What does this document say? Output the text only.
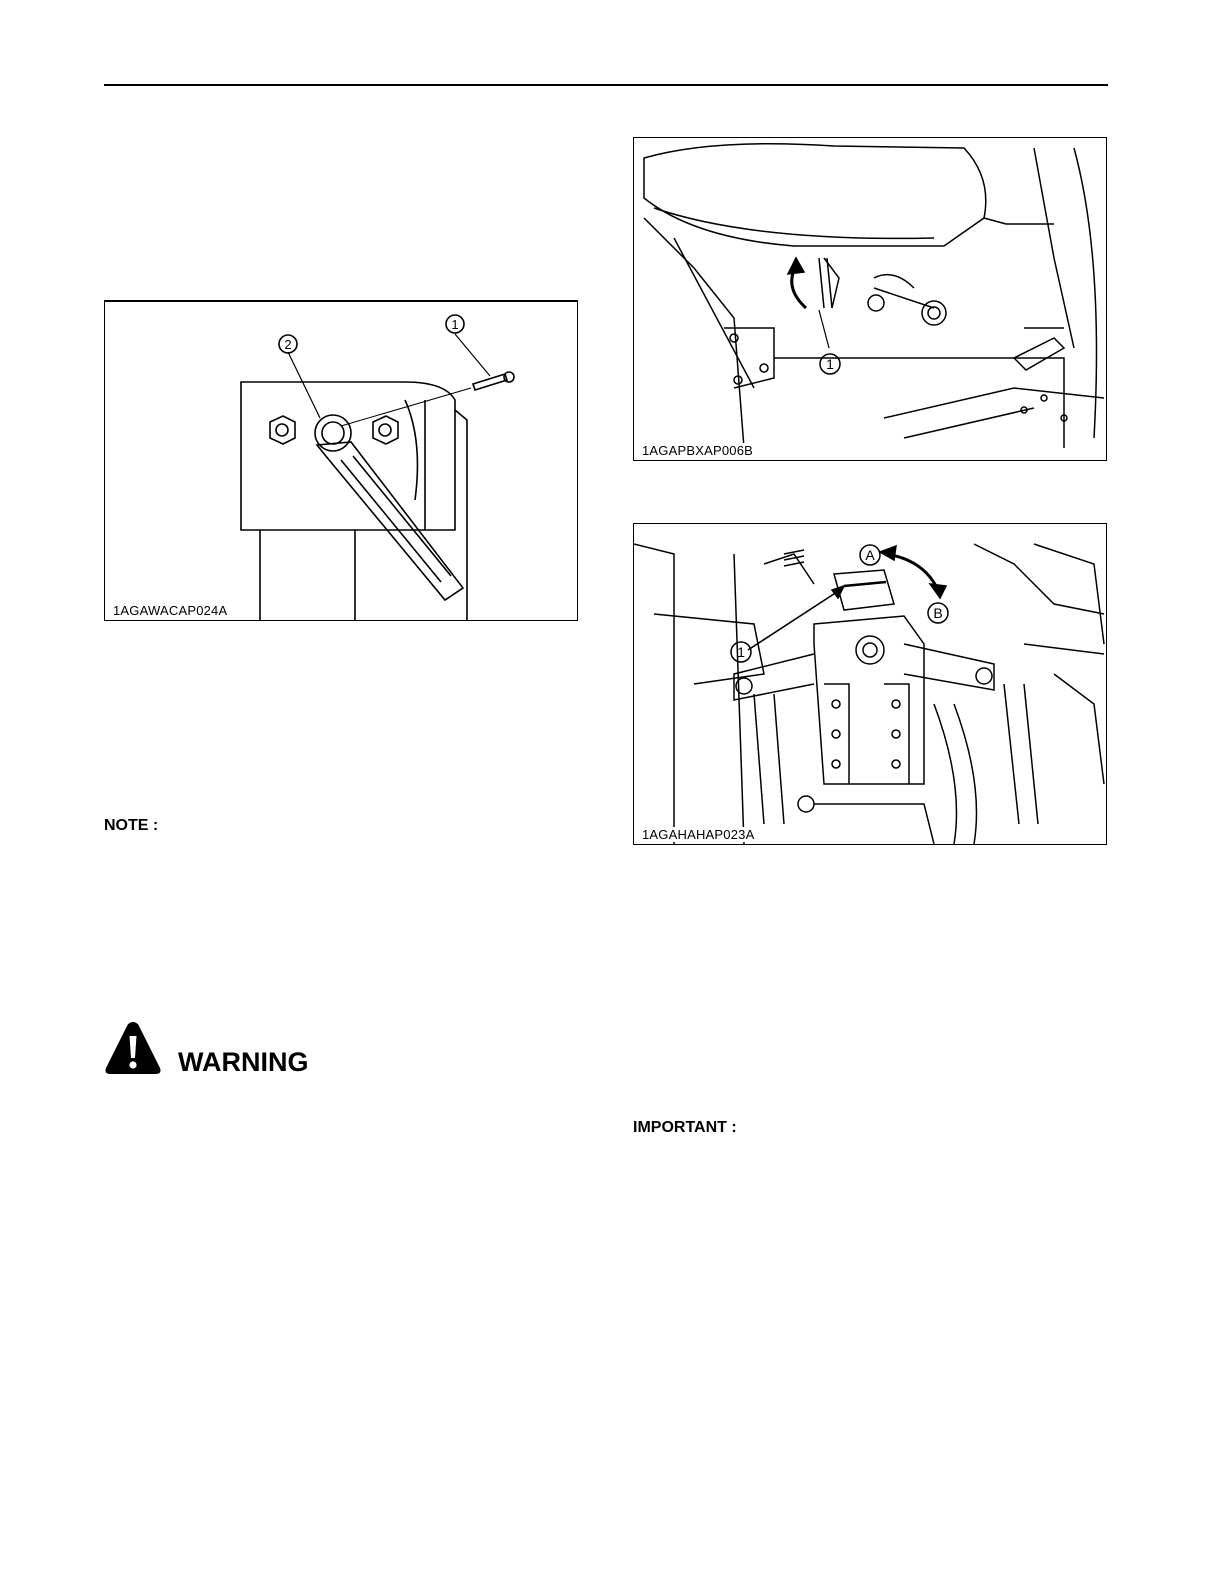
2
1
1AGAWACAP024A
1
1AGAPBXAP006B
A
B
1
1AGAHAHAP023A
NOTE :
WARNING
IMPORTANT :
